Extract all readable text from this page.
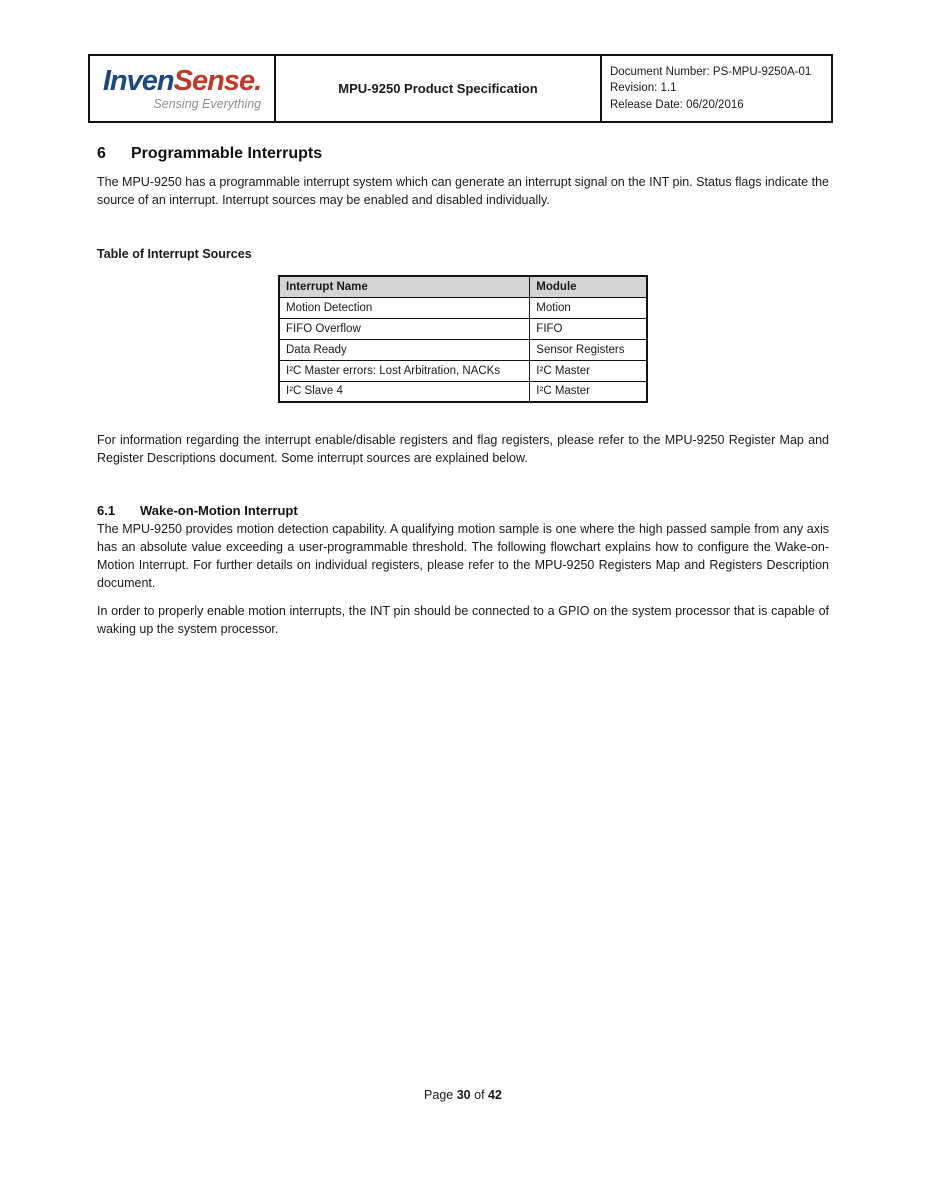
InvenSense.
Sensing Everything
MPU-9250 Product Specification
Document Number: PS-MPU-9250A-01
Revision: 1.1
Release Date: 06/20/2016
6 Programmable Interrupts

The MPU-9250 has a programmable interrupt system which can generate an interrupt signal on the INT pin. Status flags indicate the source of an interrupt. Interrupt sources may be enabled and disabled individually.

Table of Interrupt Sources
Interrupt Name	Module
Motion Detection	Motion
FIFO Overflow	FIFO
Data Ready	Sensor Registers
I²C Master errors: Lost Arbitration, NACKs	I²C Master
I²C Slave 4	I²C Master

For information regarding the interrupt enable/disable registers and flag registers, please refer to the MPU-9250 Register Map and Register Descriptions document. Some interrupt sources are explained below.

6.1 Wake-on-Motion Interrupt

The MPU-9250 provides motion detection capability. A qualifying motion sample is one where the high passed sample from any axis has an absolute value exceeding a user-programmable threshold. The following flowchart explains how to configure the Wake-on-Motion Interrupt. For further details on individual registers, please refer to the MPU-9250 Registers Map and Registers Description document.

In order to properly enable motion interrupts, the INT pin should be connected to a GPIO on the system processor that is capable of waking up the system processor.

Page 30 of 42
